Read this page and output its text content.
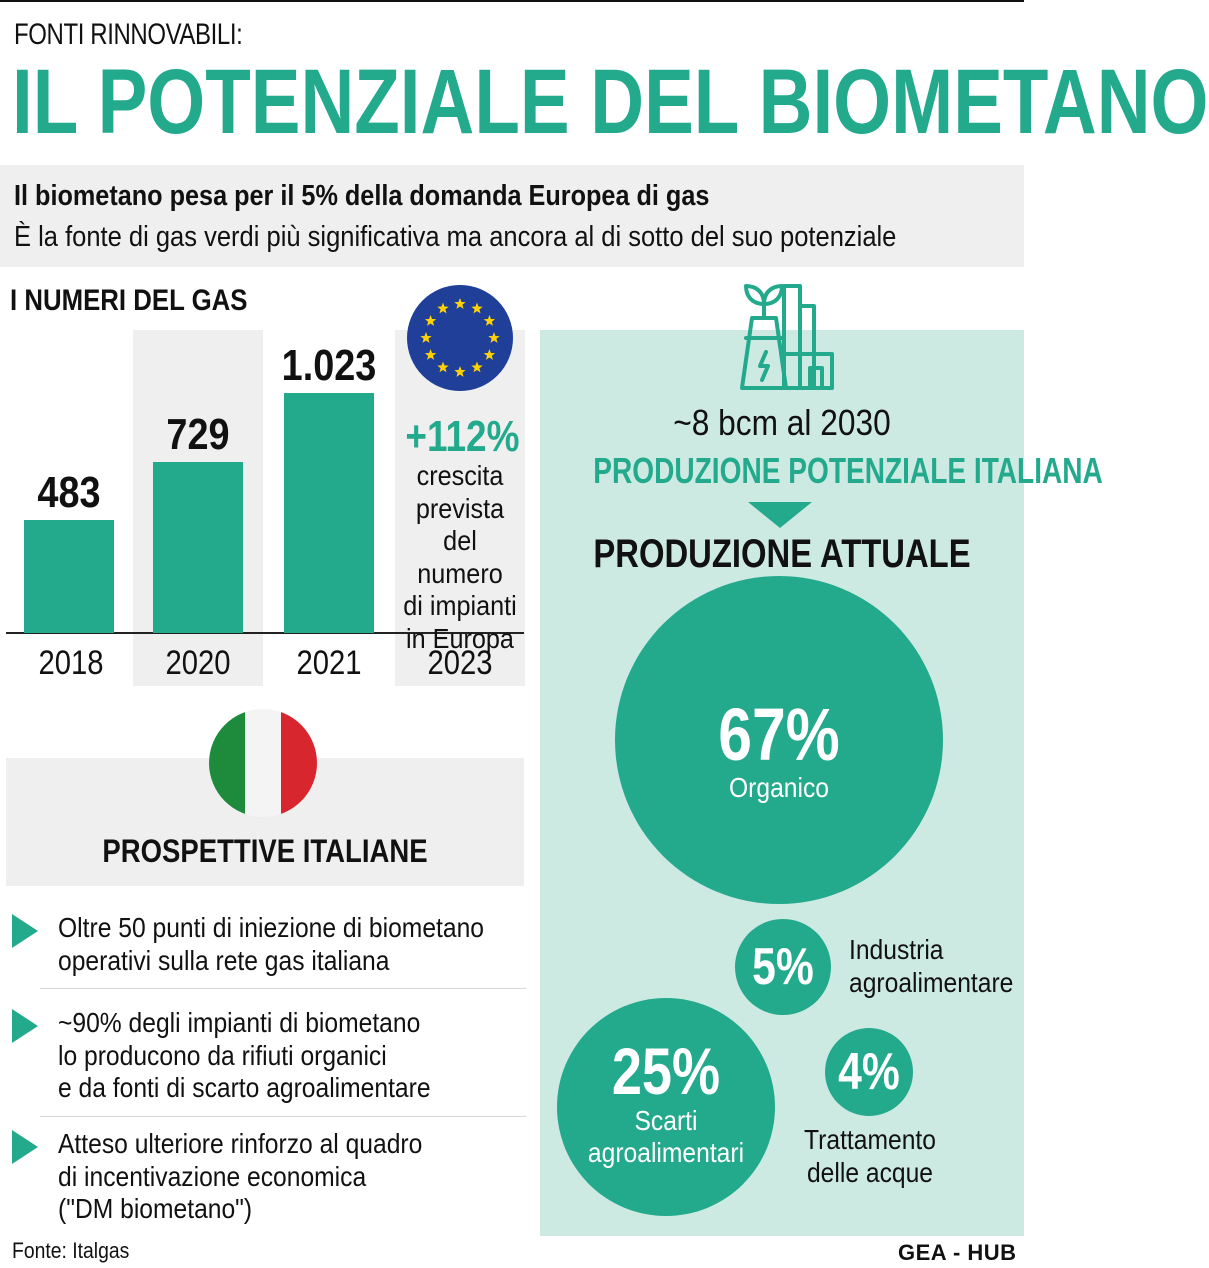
FONTI RINNOVABILI:
IL POTENZIALE DEL BIOMETANO
Il biometano pesa per il 5% della domanda Europea di gas
È la fonte di gas verdi più significativa ma ancora al di sotto del suo potenziale
I NUMERI DEL GAS
+112%
crescita
prevista
del numero
di impianti
in Europa
2023
PROSPETTIVE ITALIANE
Oltre 50 punti di iniezione di biometano
operativi sulla rete gas italiana
~90% degli impianti di biometano
lo producono da rifiuti organici
e da fonti di scarto agroalimentare
Atteso ulteriore rinforzo al quadro
di incentivazione economica
("DM biometano")
Fonte: Italgas	GEA - HUB
~8 bcm al 2030
PRODUZIONE POTENZIALE ITALIANA
PRODUZIONE ATTUALE
483
2018
729
2020
1.023
2021
67%
Organico
25%
Scarti
agroalimentari
5%	Industria
agroalimentare
4%
Trattamento
delle acque
